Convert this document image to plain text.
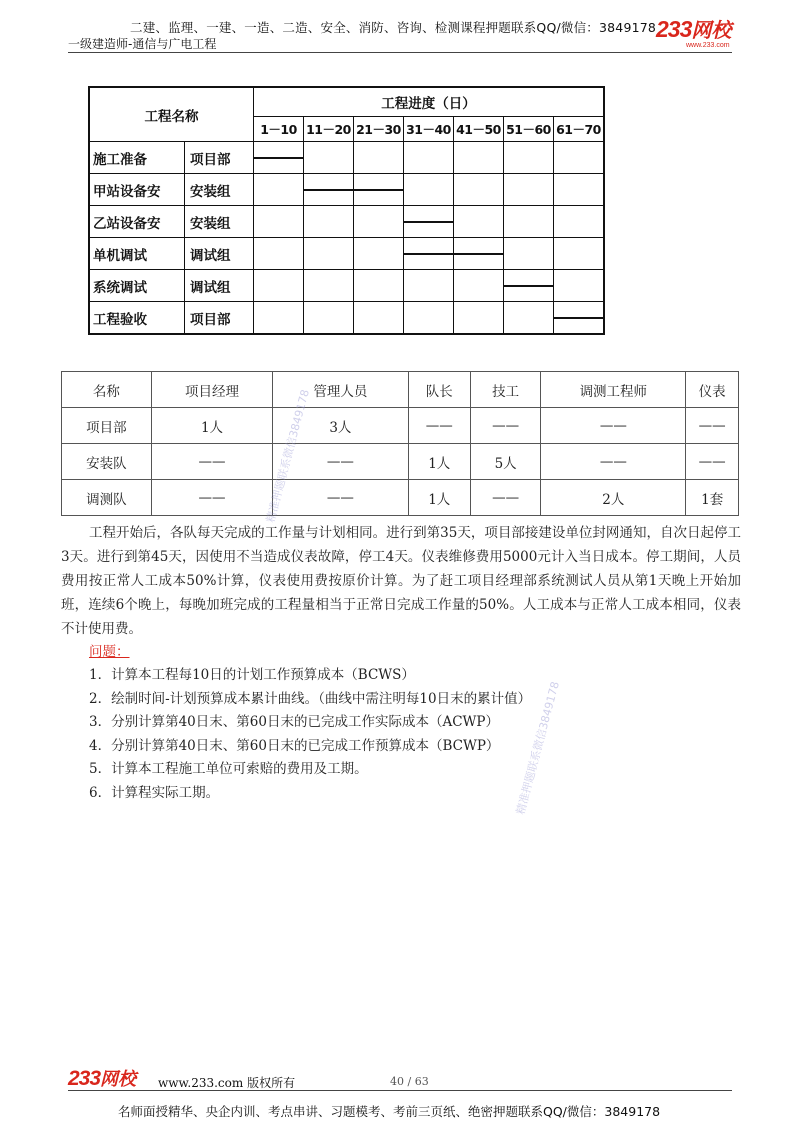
二建、监理、一建、一造、二造、安全、消防、咨询、检测课程押题联系QQ/微信：3849178
一级建造师-通信与广电工程
233网校
www.233.com
工程名称		工程进度（日）						
		1－10	11－20	21－30	31－40	41－50	51－60	61－70
施工准备	项目部	

甲站设备安	安装组		

乙站设备安	安装组				

单机调试	调试组				

系统调试	调试组						

工程验收	项目部							
名称	项目经理	管理人员	队长	技工	调测工程师	仪表
项目部	1人	3人	——	——	——	——
安装队	——	——	1人	5人	——	——
调测队	——	——	1人	——	2人	1套
精准押题联系微信3849178
精准押题联系微信3849178
工程开始后，各队每天完成的工作量与计划相同。进行到第35天，项目部接建设单位封网通知，自次日起停工3天。进行到第45天，因使用不当造成仪表故障，停工4天。仪表维修费用5000元计入当日成本。停工期间，人员费用按正常人工成本50%计算，仪表使用费按原价计算。为了赶工项目经理部系统测试人员从第1天晚上开始加班，连续6个晚上，每晚加班完成的工程量相当于正常日完成工作量的50%。人工成本与正常人工成本相同，仪表不计使用费。
问题：
1．计算本工程每10日的计划工作预算成本（BCWS）
2．绘制时间-计划预算成本累计曲线。（曲线中需注明每10日末的累计值）
3．分别计算第40日末、第60日末的已完成工作实际成本（ACWP）
4．分别计算第40日末、第60日末的已完成工作预算成本（BCWP）
5．计算本工程施工单位可索赔的费用及工期。
6．计算程实际工期。
233网校 www.233.com 版权所有	40 / 63
名师面授精华、央企内训、考点串讲、习题模考、考前三页纸、绝密押题联系QQ/微信：3849178
